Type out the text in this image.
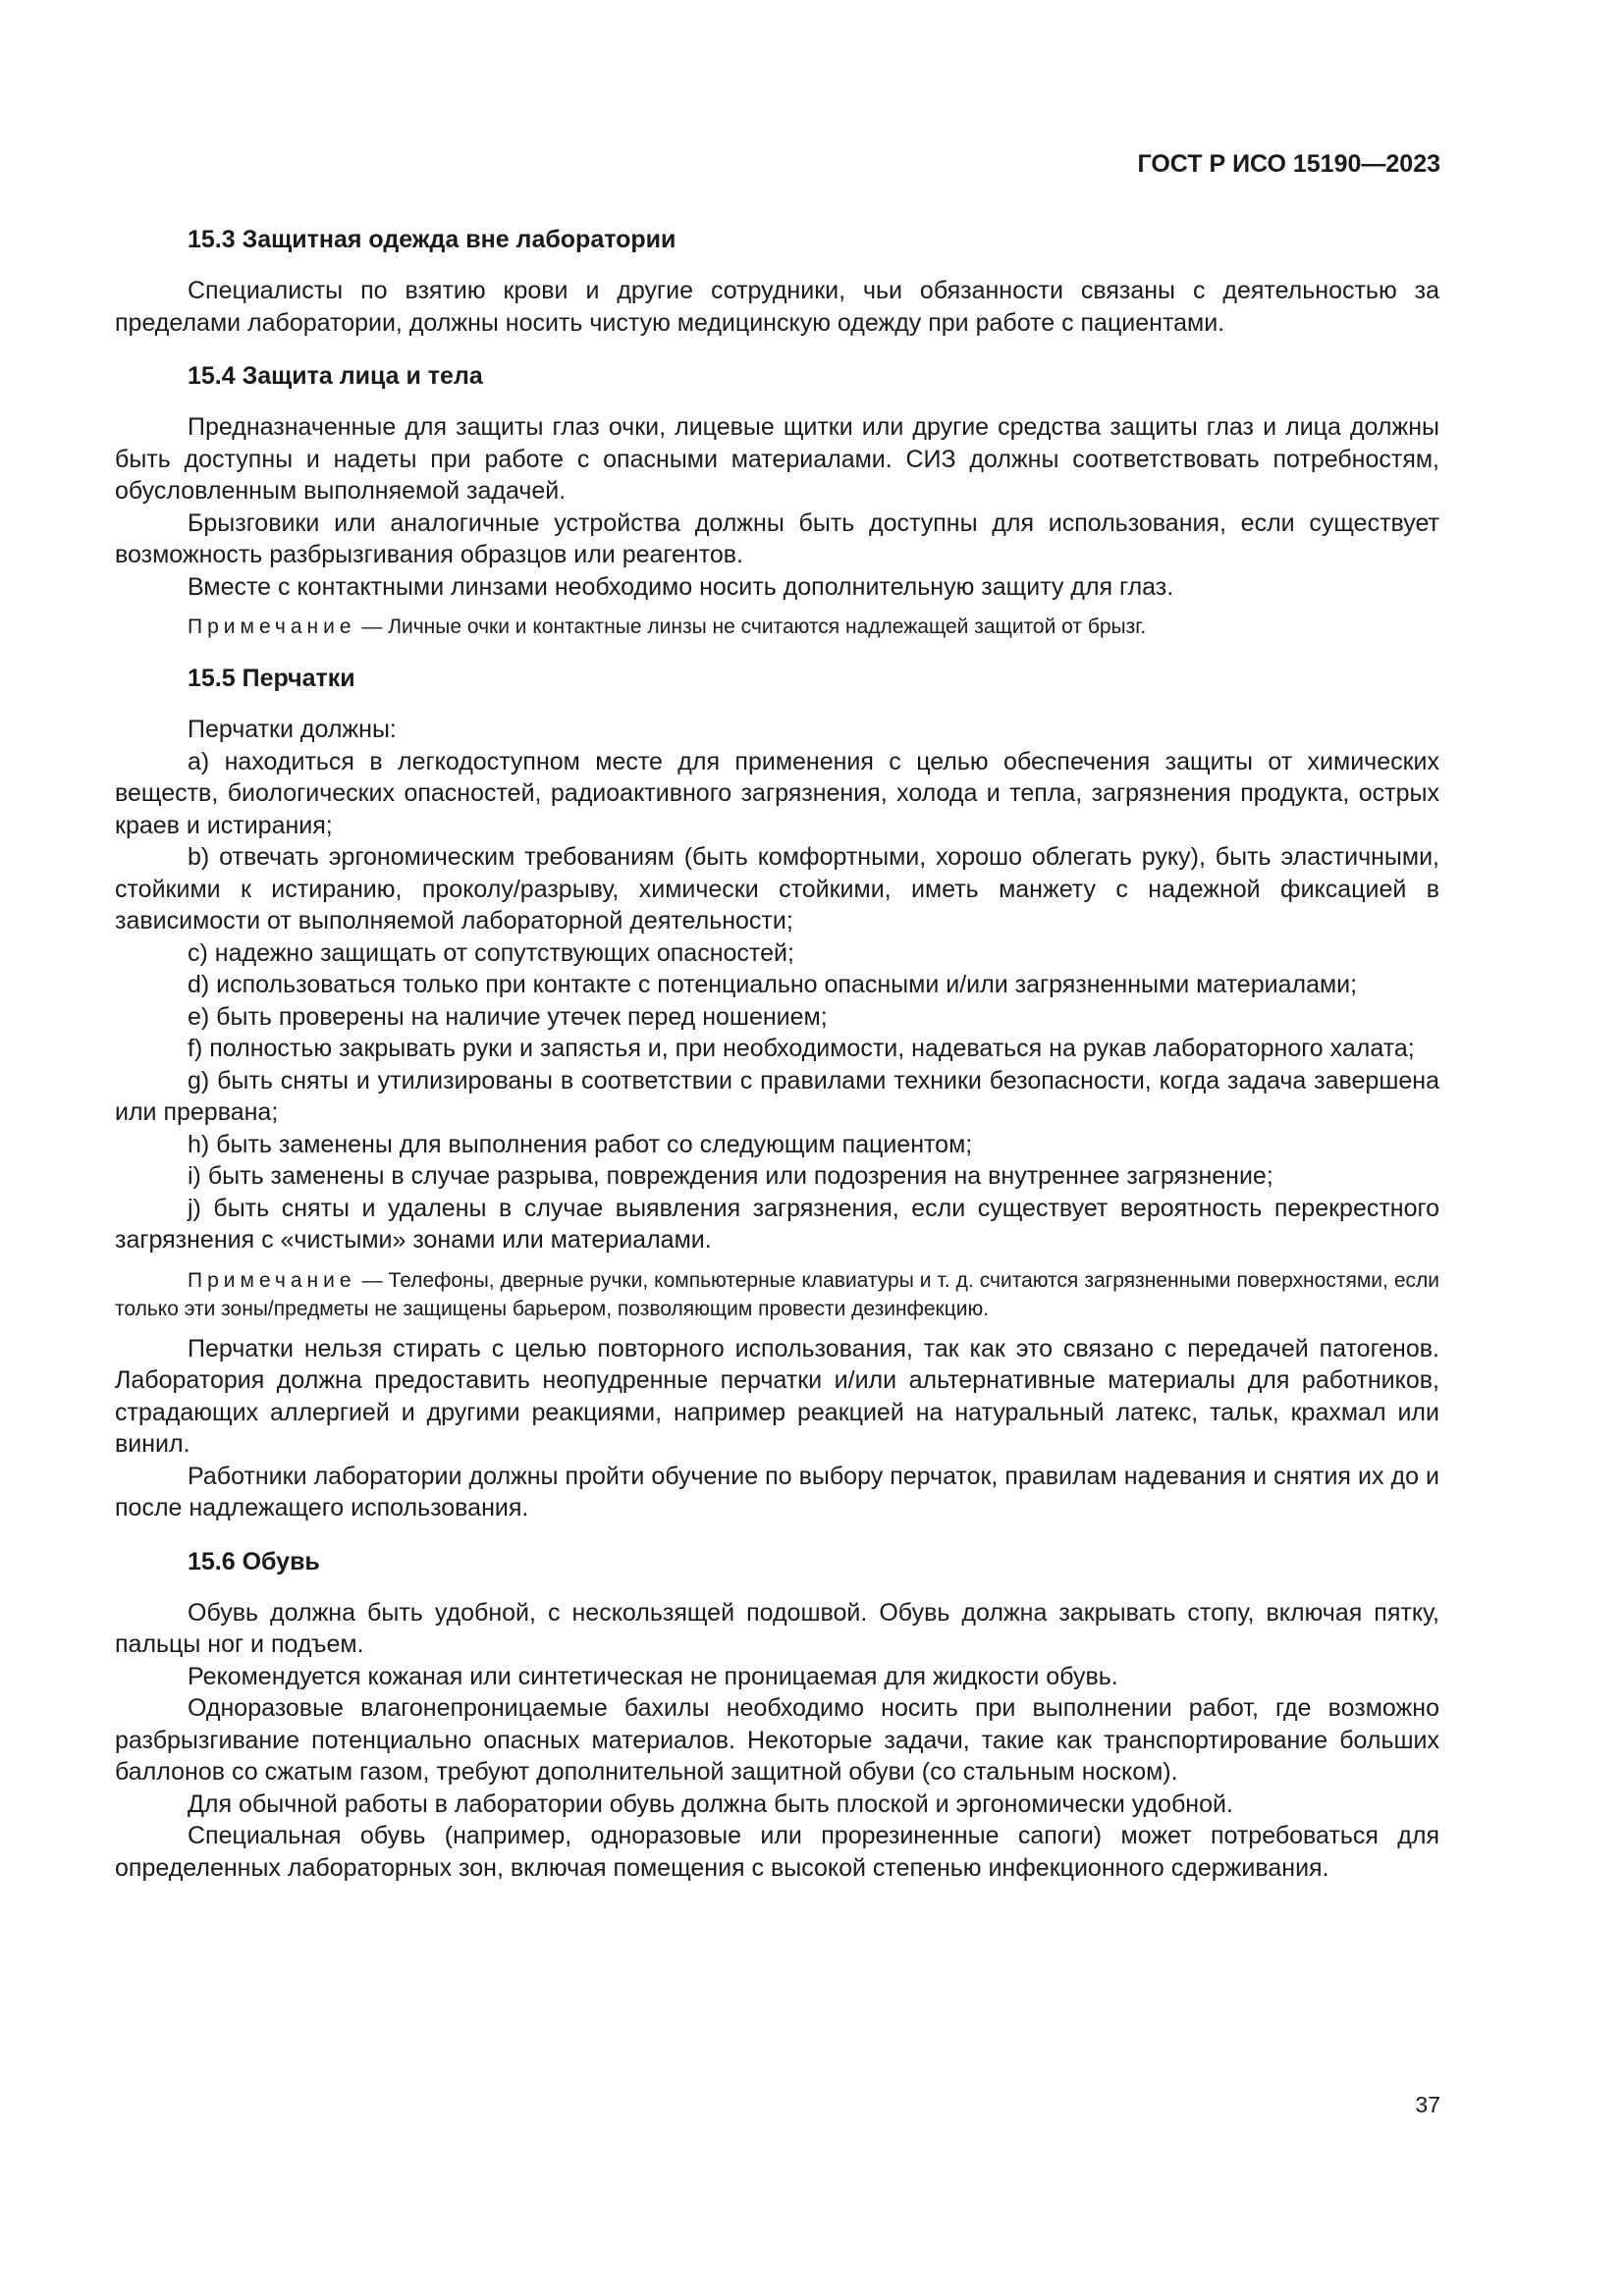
ГОСТ Р ИСО 15190—2023
15.3 Защитная одежда вне лаборатории

Специалисты по взятию крови и другие сотрудники, чьи обязанности связаны с деятельностью за пределами лаборатории, должны носить чистую медицинскую одежду при работе с пациентами.

15.4 Защита лица и тела

Предназначенные для защиты глаз очки, лицевые щитки или другие средства защиты глаз и лица должны быть доступны и надеты при работе с опасными материалами. СИЗ должны соответствовать потребностям, обусловленным выполняемой задачей.

Брызговики или аналогичные устройства должны быть доступны для использования, если существует возможность разбрызгивания образцов или реагентов.

Вместе с контактными линзами необходимо носить дополнительную защиту для глаз.

Примечание — Личные очки и контактные линзы не считаются надлежащей защитой от брызг.

15.5 Перчатки

Перчатки должны:

a) находиться в легкодоступном месте для применения с целью обеспечения защиты от химических веществ, биологических опасностей, радиоактивного загрязнения, холода и тепла, загрязнения продукта, острых краев и истирания;

b) отвечать эргономическим требованиям (быть комфортными, хорошо облегать руку), быть эластичными, стойкими к истиранию, проколу/разрыву, химически стойкими, иметь манжету с надежной фиксацией в зависимости от выполняемой лабораторной деятельности;

c) надежно защищать от сопутствующих опасностей;

d) использоваться только при контакте с потенциально опасными и/или загрязненными материалами;

e) быть проверены на наличие утечек перед ношением;

f) полностью закрывать руки и запястья и, при необходимости, надеваться на рукав лабораторного халата;

g) быть сняты и утилизированы в соответствии с правилами техники безопасности, когда задача завершена или прервана;

h) быть заменены для выполнения работ со следующим пациентом;

i) быть заменены в случае разрыва, повреждения или подозрения на внутреннее загрязнение;

j) быть сняты и удалены в случае выявления загрязнения, если существует вероятность перекрестного загрязнения с «чистыми» зонами или материалами.

Примечание — Телефоны, дверные ручки, компьютерные клавиатуры и т. д. считаются загрязненными поверхностями, если только эти зоны/предметы не защищены барьером, позволяющим провести дезинфекцию.

Перчатки нельзя стирать с целью повторного использования, так как это связано с передачей патогенов. Лаборатория должна предоставить неопудренные перчатки и/или альтернативные материалы для работников, страдающих аллергией и другими реакциями, например реакцией на натуральный латекс, тальк, крахмал или винил.

Работники лаборатории должны пройти обучение по выбору перчаток, правилам надевания и снятия их до и после надлежащего использования.

15.6 Обувь

Обувь должна быть удобной, с нескользящей подошвой. Обувь должна закрывать стопу, включая пятку, пальцы ног и подъем.

Рекомендуется кожаная или синтетическая не проницаемая для жидкости обувь.

Одноразовые влагонепроницаемые бахилы необходимо носить при выполнении работ, где возможно разбрызгивание потенциально опасных материалов. Некоторые задачи, такие как транспортирование больших баллонов со сжатым газом, требуют дополнительной защитной обуви (со стальным носком).

Для обычной работы в лаборатории обувь должна быть плоской и эргономически удобной.

Специальная обувь (например, одноразовые или прорезиненные сапоги) может потребоваться для определенных лабораторных зон, включая помещения с высокой степенью инфекционного сдерживания.

37
